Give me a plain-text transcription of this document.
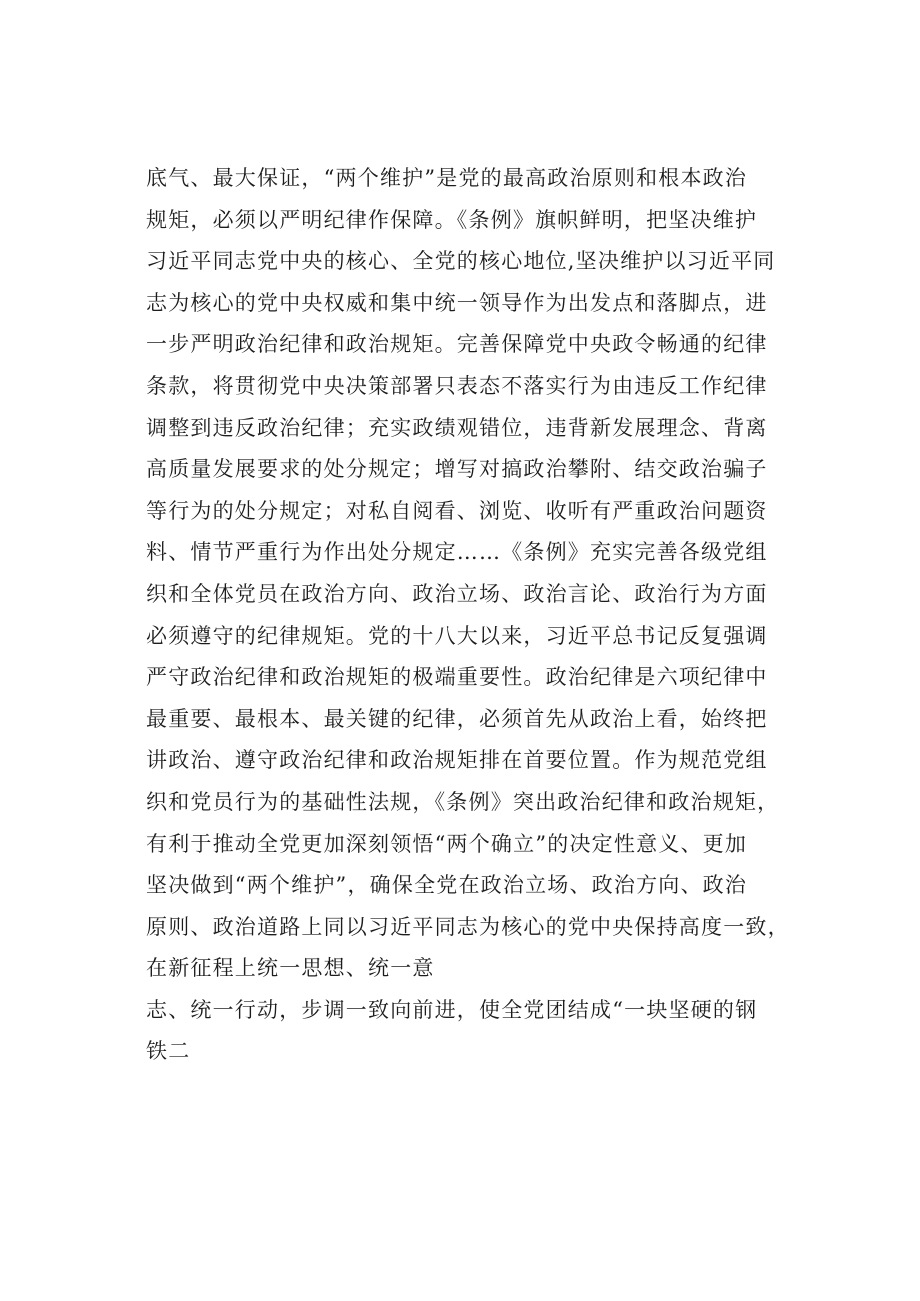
底气、最大保证，“两个维护”是党的最高政治原则和根本政治
规矩，必须以严明纪律作保障。《条例》旗帜鲜明，把坚决维护
习近平同志党中央的核心、全党的核心地位,坚决维护以习近平同
志为核心的党中央权威和集中统一领导作为出发点和落脚点，进
一步严明政治纪律和政治规矩。完善保障党中央政令畅通的纪律
条款，将贯彻党中央决策部署只表态不落实行为由违反工作纪律
调整到违反政治纪律；充实政绩观错位，违背新发展理念、背离
高质量发展要求的处分规定；增写对搞政治攀附、结交政治骗子
等行为的处分规定；对私自阅看、浏览、收听有严重政治问题资
料、情节严重行为作出处分规定……《条例》充实完善各级党组
织和全体党员在政治方向、政治立场、政治言论、政治行为方面
必须遵守的纪律规矩。党的十八大以来，习近平总书记反复强调
严守政治纪律和政治规矩的极端重要性。政治纪律是六项纪律中
最重要、最根本、最关键的纪律，必须首先从政治上看，始终把
讲政治、遵守政治纪律和政治规矩排在首要位置。作为规范党组
织和党员行为的基础性法规，《条例》突出政治纪律和政治规矩，
有利于推动全党更加深刻领悟“两个确立”的决定性意义、更加
坚决做到“两个维护”，确保全党在政治立场、政治方向、政治
原则、政治道路上同以习近平同志为核心的党中央保持高度一致，
在新征程上统一思想、统一意
志、统一行动，步调一致向前进，使全党团结成“一块坚硬的钢
铁二
